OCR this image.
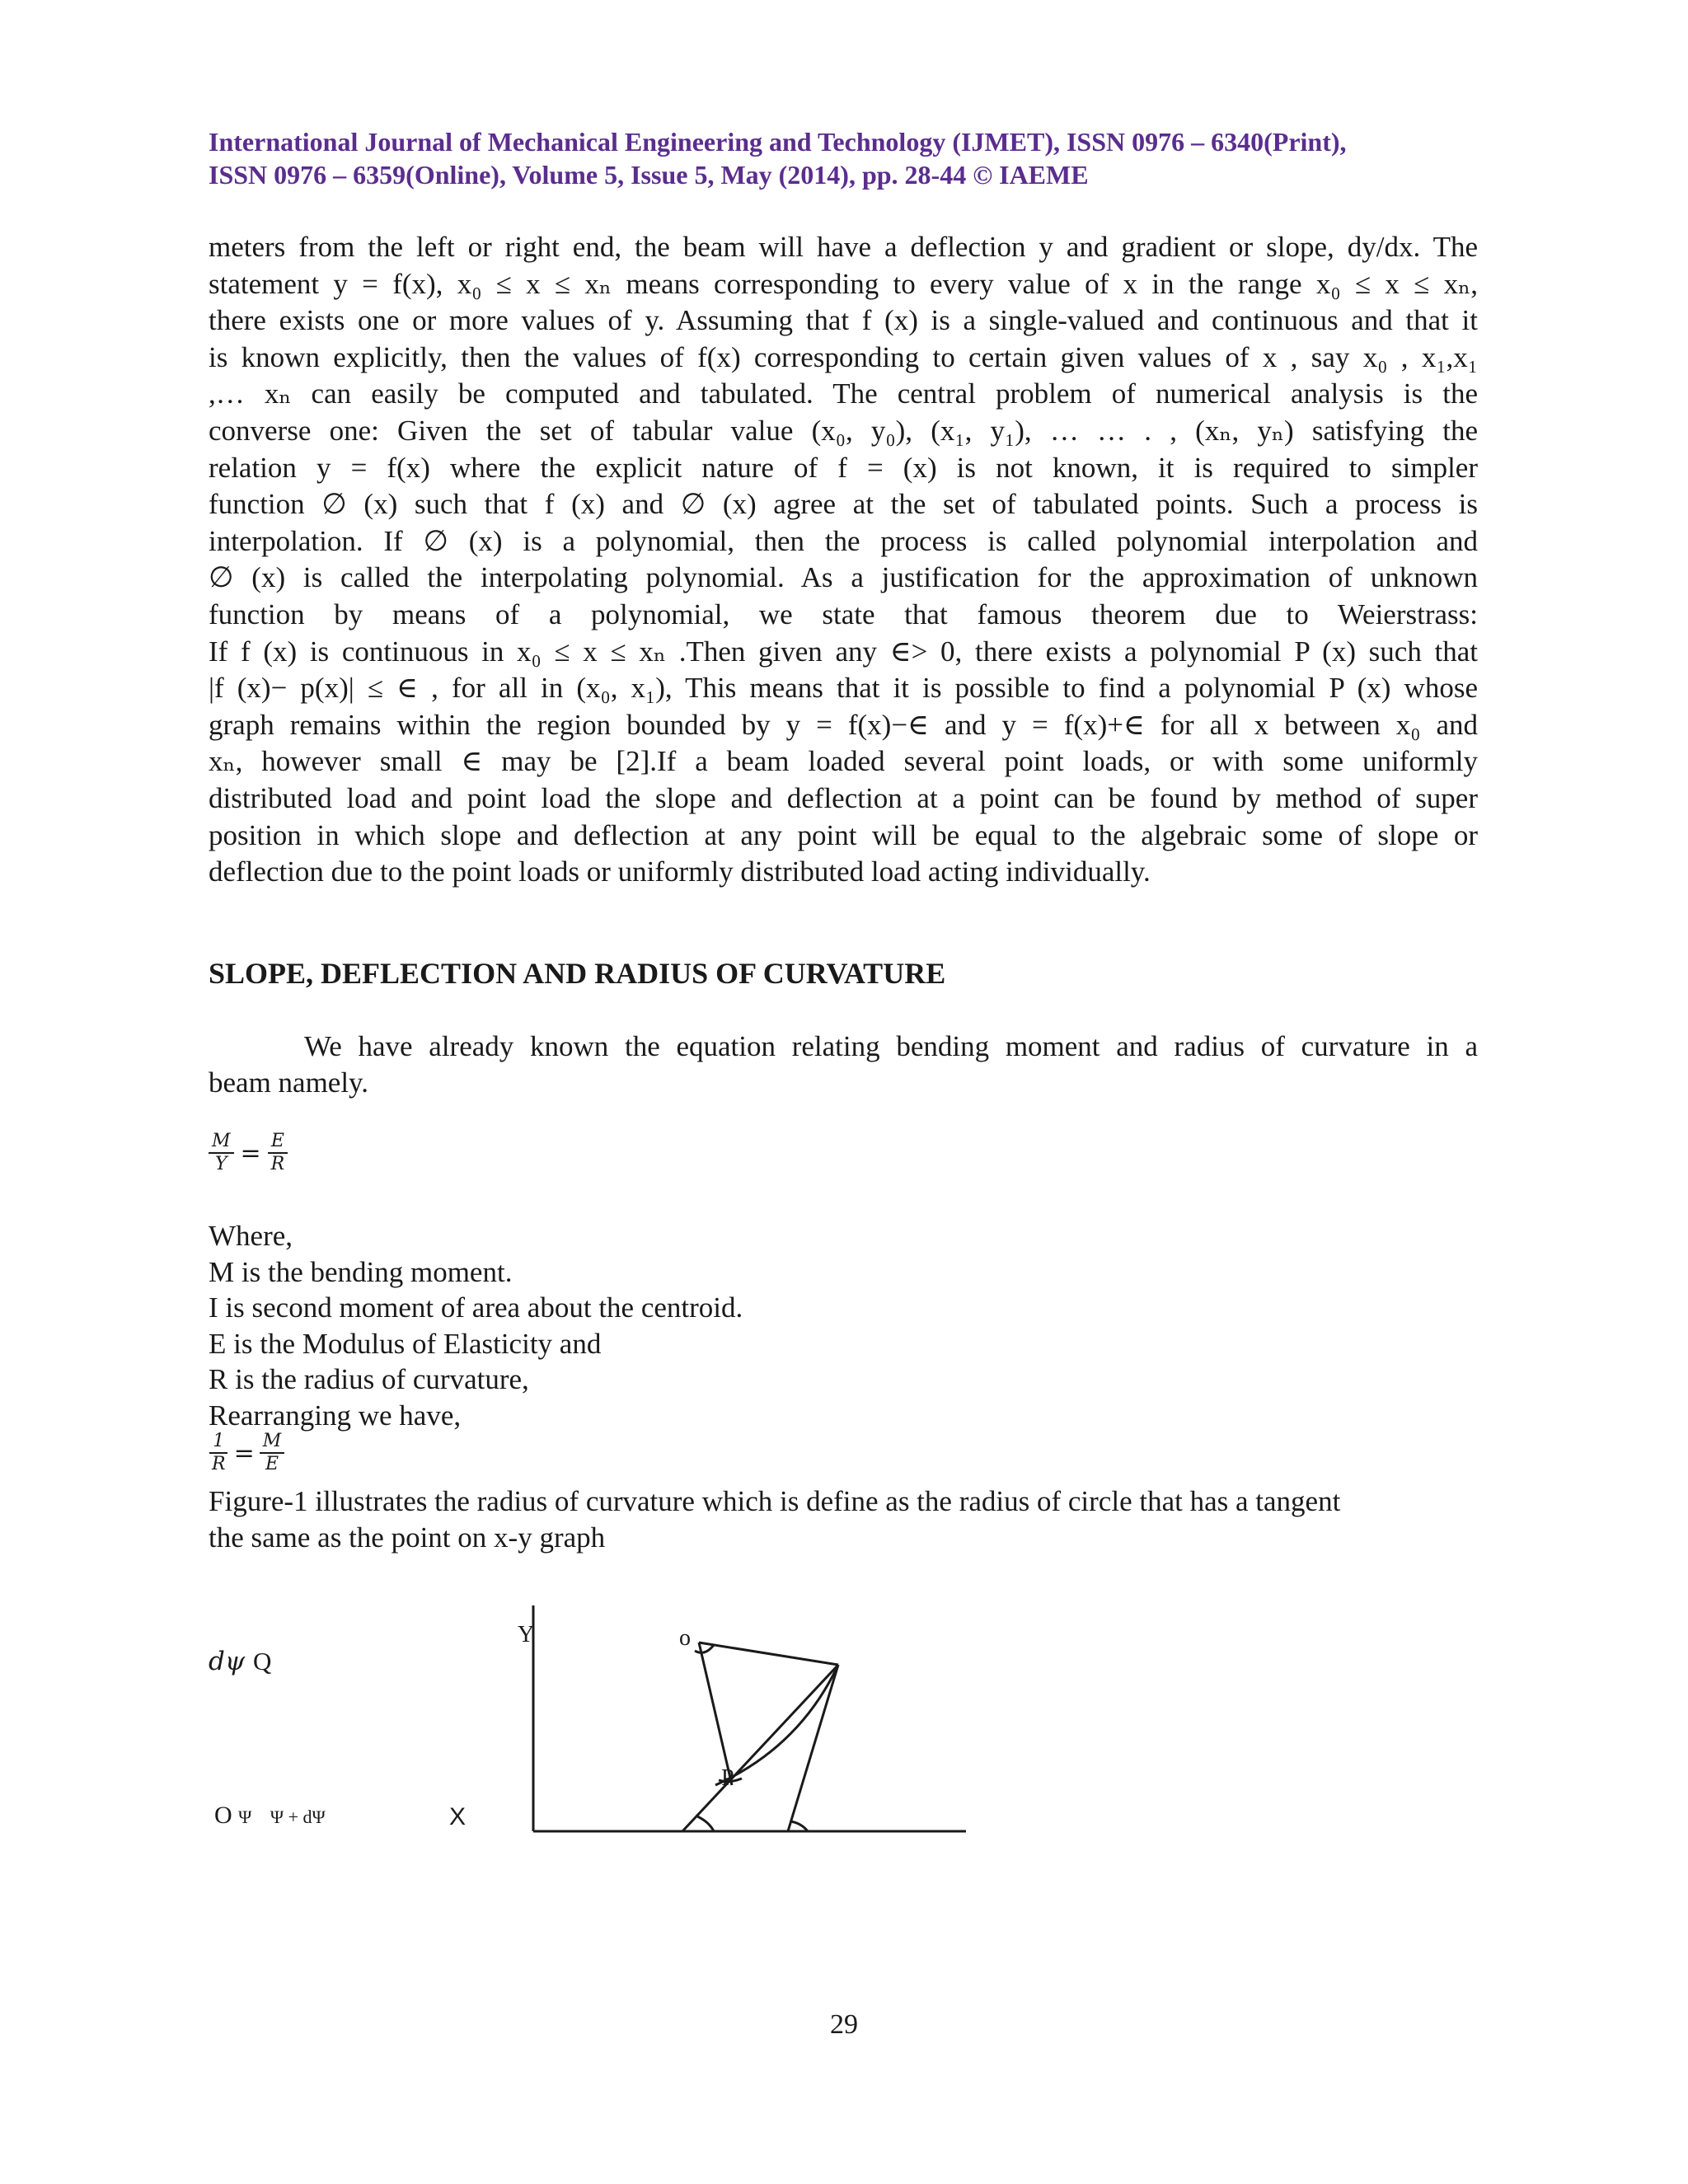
International Journal of Mechanical Engineering and Technology (IJMET), ISSN 0976 – 6340(Print),
ISSN 0976 – 6359(Online), Volume 5, Issue 5, May (2014), pp. 28-44 © IAEME
meters from the left or right end, the beam will have a deflection y and gradient or slope, dy/dx. The
statement y = f(x), x₀ ≤ x ≤ xₙ means corresponding to every value of x in the range x₀ ≤ x ≤ xₙ,
there exists one or more values of y. Assuming that f (x) is a single-valued and continuous and that it
is known explicitly, then the values of f(x) corresponding to certain given values of x , say x₀ , x₁,x₁
,… xₙ can easily be computed and tabulated. The central problem of numerical analysis is the
converse one: Given the set of tabular value (x₀, y₀), (x₁, y₁), … … . , (xₙ, yₙ) satisfying the
relation y = f(x) where the explicit nature of f = (x) is not known, it is required to simpler
function ∅ (x) such that f (x) and ∅ (x) agree at the set of tabulated points. Such a process is
interpolation. If ∅ (x) is a polynomial, then the process is called polynomial interpolation and
∅ (x) is called the interpolating polynomial. As a justification for the approximation of unknown
function by means of a polynomial, we state that famous theorem due to Weierstrass:
If f (x) is continuous in x₀ ≤ x ≤ xₙ .Then given any ∈> 0, there exists a polynomial P (x) such that
|f (x)− p(x)| ≤ ∈ , for all in (x₀, x₁), This means that it is possible to find a polynomial P (x) whose
graph remains within the region bounded by y = f(x)−∈ and y = f(x)+∈ for all x between x₀ and
xₙ, however small ∈ may be [2].If a beam loaded several point loads, or with some uniformly
distributed load and point load the slope and deflection at a point can be found by method of super
position in which slope and deflection at any point will be equal to the algebraic some of slope or
deflection due to the point loads or uniformly distributed load acting individually.
SLOPE, DEFLECTION AND RADIUS OF CURVATURE
We have already known the equation relating bending moment and radius of curvature in a
beam namely.
$\frac{M}{Y} = \frac{E}{R}$
Where,
M is the bending moment.
I is second moment of area about the centroid.
E is the Modulus of Elasticity and
R is the radius of curvature,
Rearranging we have,
$\frac{1}{R} = \frac{M}{E}$
Figure-1 illustrates the radius of curvature which is define as the radius of circle that has a tangent
the same as the point on x-y graph
dψ Q
O Ψ Ψ + dΨ	X
Y	o
P
29
